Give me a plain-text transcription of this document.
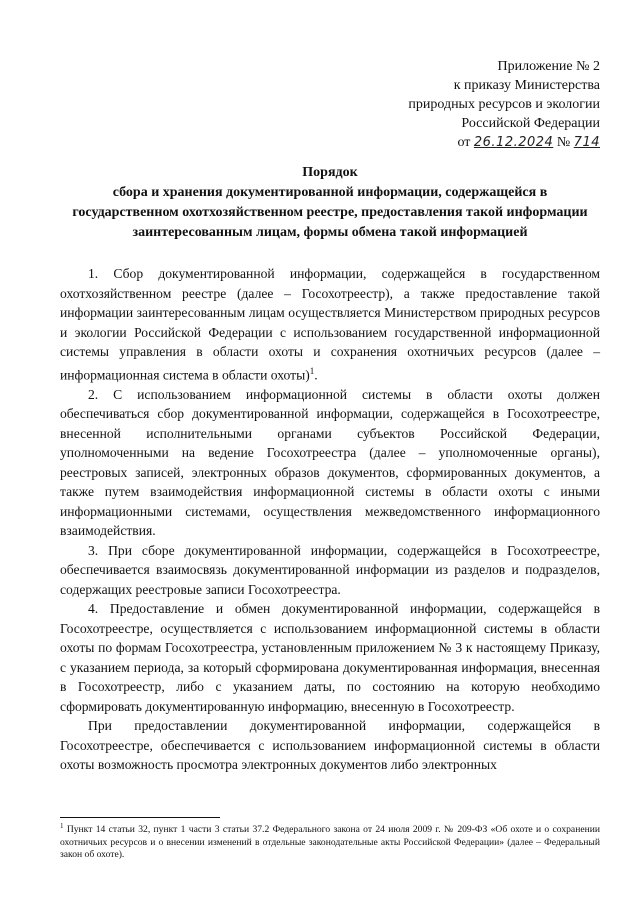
Приложение № 2
к приказу Министерства
природных ресурсов и экологии
Российской Федерации
от 26.12.2024 № 714
Порядок
сбора и хранения документированной информации, содержащейся в
государственном охотхозяйственном реестре, предоставления такой информации
заинтересованным лицам, формы обмена такой информацией

1. Сбор документированной информации, содержащейся в государственном охотхозяйственном реестре (далее – Госохотреестр), а также предоставление такой информации заинтересованным лицам осуществляется Министерством природных ресурсов и экологии Российской Федерации с использованием государственной информационной системы управления в области охоты и сохранения охотничьих ресурсов (далее – информационная система в области охоты)$^1$.

2. С использованием информационной системы в области охоты должен обеспечиваться сбор документированной информации, содержащейся в Госохотреестре, внесенной исполнительными органами субъектов Российской Федерации, уполномоченными на ведение Госохотреестра (далее – уполномоченные органы), реестровых записей, электронных образов документов, сформированных документов, а также путем взаимодействия информационной системы в области охоты с иными информационными системами, осуществления межведомственного информационного взаимодействия.

3. При сборе документированной информации, содержащейся в Госохотреестре, обеспечивается взаимосвязь документированной информации из разделов и подразделов, содержащих реестровые записи Госохотреестра.

4. Предоставление и обмен документированной информации, содержащейся в Госохотреестре, осуществляется с использованием информационной системы в области охоты по формам Госохотреестра, установленным приложением № 3 к настоящему Приказу, с указанием периода, за который сформирована документированная информация, внесенная в Госохотреестр, либо с указанием даты, по состоянию на которую необходимо сформировать документированную информацию, внесенную в Госохотреестр.

При предоставлении документированной информации, содержащейся в Госохотреестре, обеспечивается с использованием информационной системы в области охоты возможность просмотра электронных документов либо электронных

$^1$ Пункт 14 статьи 32, пункт 1 части 3 статьи 37.2 Федерального закона от 24 июля 2009 г. № 209-ФЗ «Об охоте и о сохранении охотничьих ресурсов и о внесении изменений в отдельные законодательные акты Российской Федерации» (далее – Федеральный закон об охоте).
